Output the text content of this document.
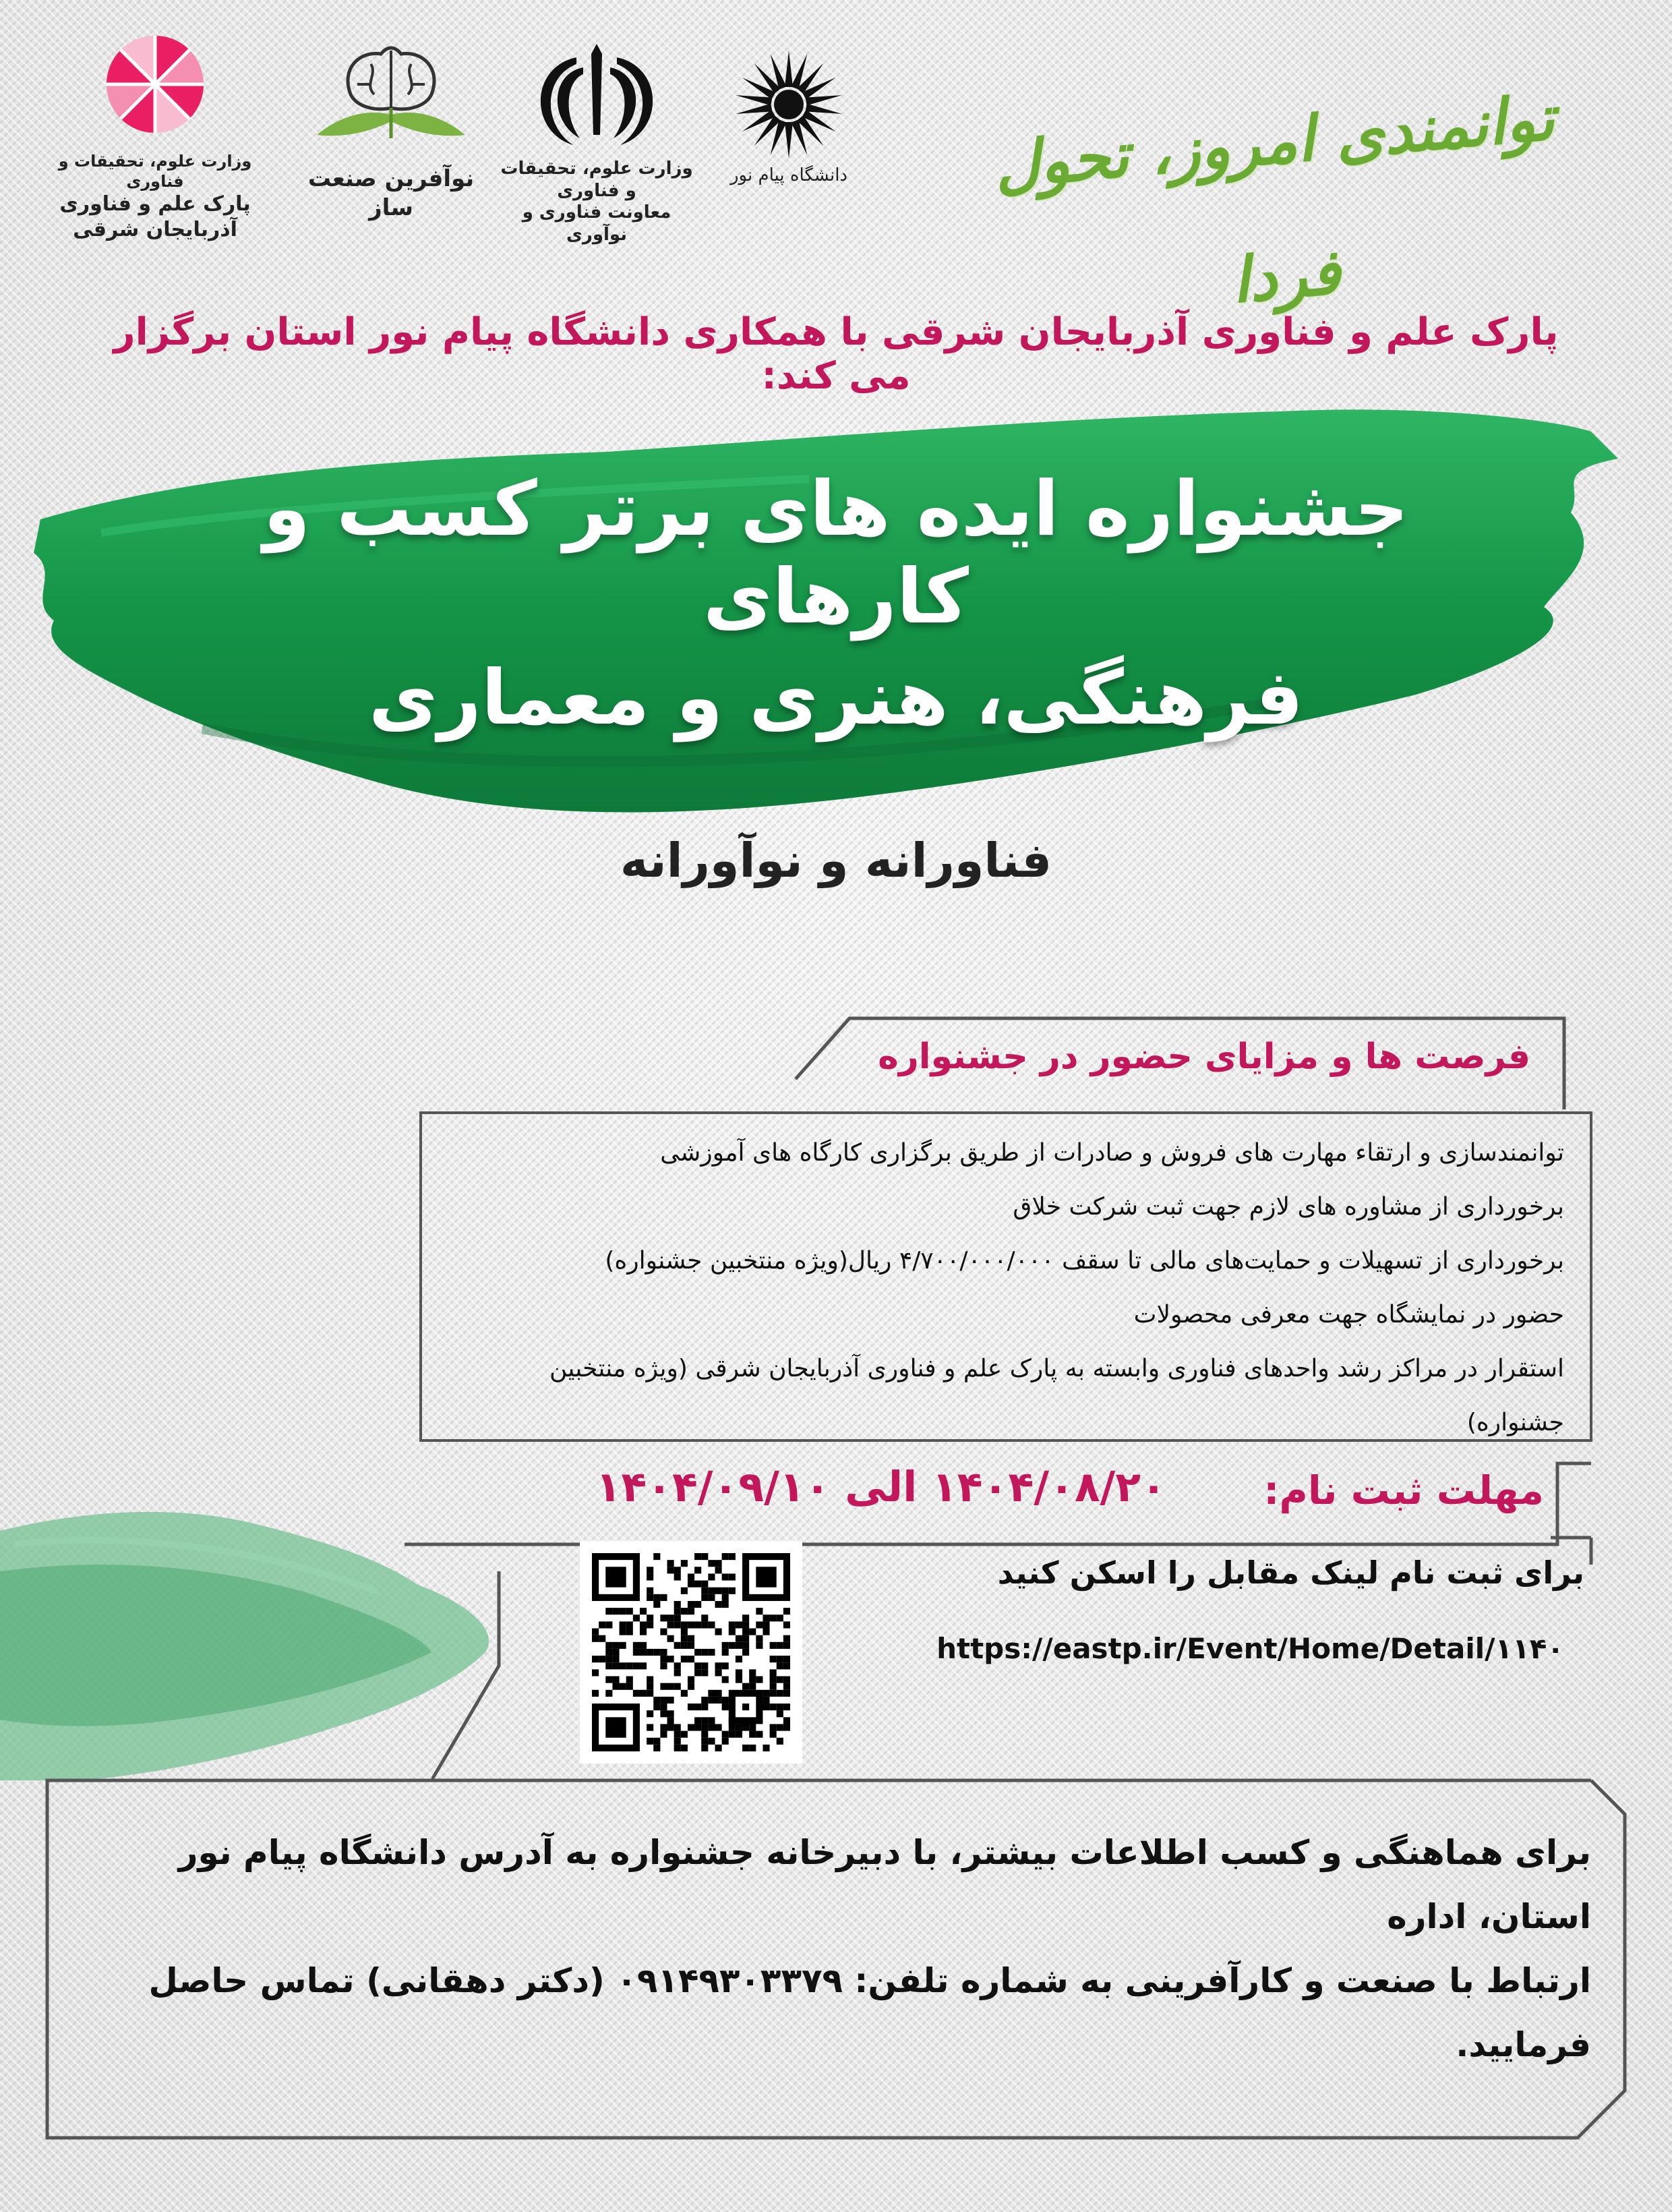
دانشگاه پیام نور
وزارت علوم، تحقیقات و فناوری
معاونت فناوری و نوآوری
نوآفرین صنعت ساز
وزارت علوم، تحقیقات و فناوری
پارک علم و فناوری آذربایجان شرقی
توانمندی امروز، تحول فردا
پارک علم و فناوری آذربایجان شرقی با همکاری دانشگاه پیام نور استان برگزار می کند:
جشنواره ایده های برتر کسب و کارهای
فرهنگی، هنری و معماری
فناورانه و نوآورانه
فرصت ها و مزایای حضور در جشنواره
توانمندسازی و ارتقاء مهارت های فروش و صادرات از طریق برگزاری کارگاه های آموزشی
برخورداری از مشاوره های لازم جهت ثبت شرکت خلاق
برخورداری از تسهیلات و حمایت‌های مالی تا سقف ۴/۷۰۰/۰۰۰/۰۰۰ ریال(ویژه منتخبین جشنواره)
حضور در نمایشگاه جهت معرفی محصولات
استقرار در مراکز رشد واحدهای فناوری وابسته به پارک علم و فناوری آذربایجان شرقی (ویژه منتخبین جشنواره)
مهلت ثبت نام:
۱۴۰۴/۰۸/۲۰ الی ۱۴۰۴/۰۹/۱۰
برای ثبت نام لینک مقابل را اسکن کنید
https://eastp.ir/Event/Home/Detail/۱۱۴۰
برای هماهنگی و کسب اطلاعات بیشتر، با دبیرخانه جشنواره به آدرس دانشگاه پیام نور استان، اداره
ارتباط با صنعت و کارآفرینی به شماره تلفن: ۰۹۱۴۹۳۰۳۳۷۹ (دکتر دهقانی) تماس حاصل فرمایید.
